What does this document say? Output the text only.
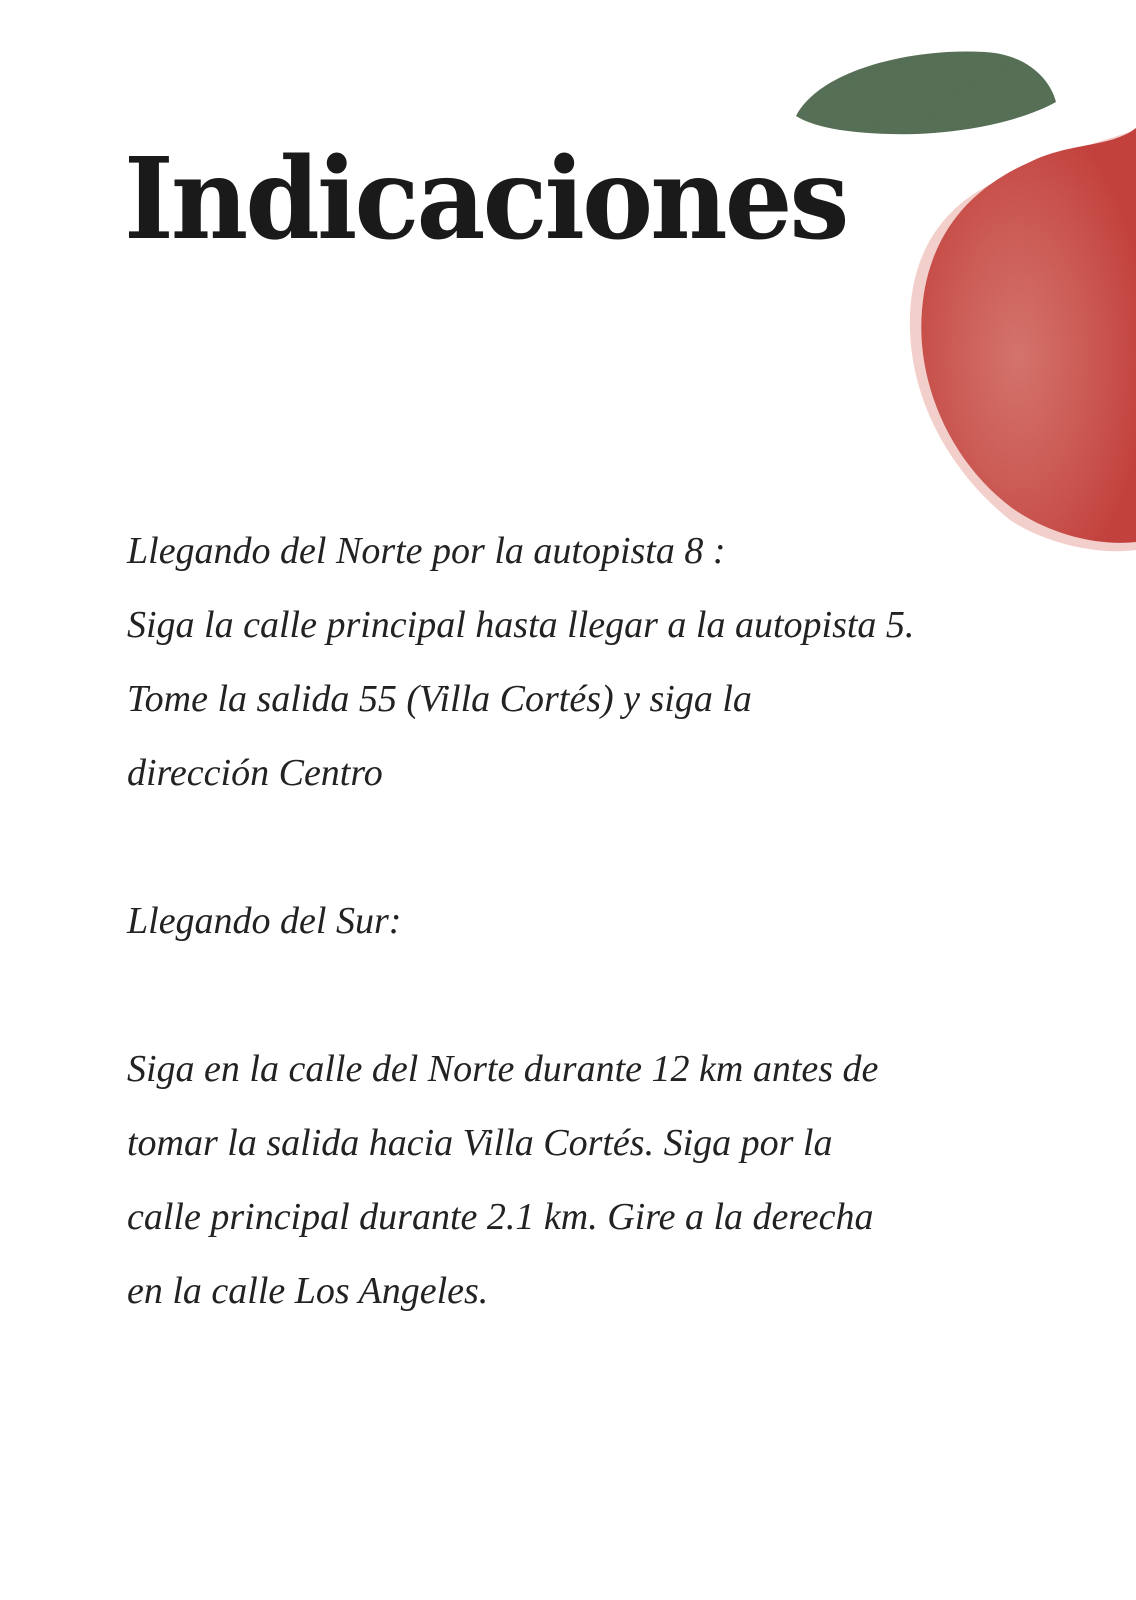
Indicaciones
Llegando del Norte por la autopista 8 :
Siga la calle principal hasta llegar a la autopista 5.
Tome la salida 55 (Villa Cortés) y siga la
dirección Centro
Llegando del Sur:
Siga en la calle del Norte durante 12 km antes de
tomar la salida hacia Villa Cortés. Siga por la
calle principal durante 2.1 km. Gire a la derecha
en la calle Los Angeles.
